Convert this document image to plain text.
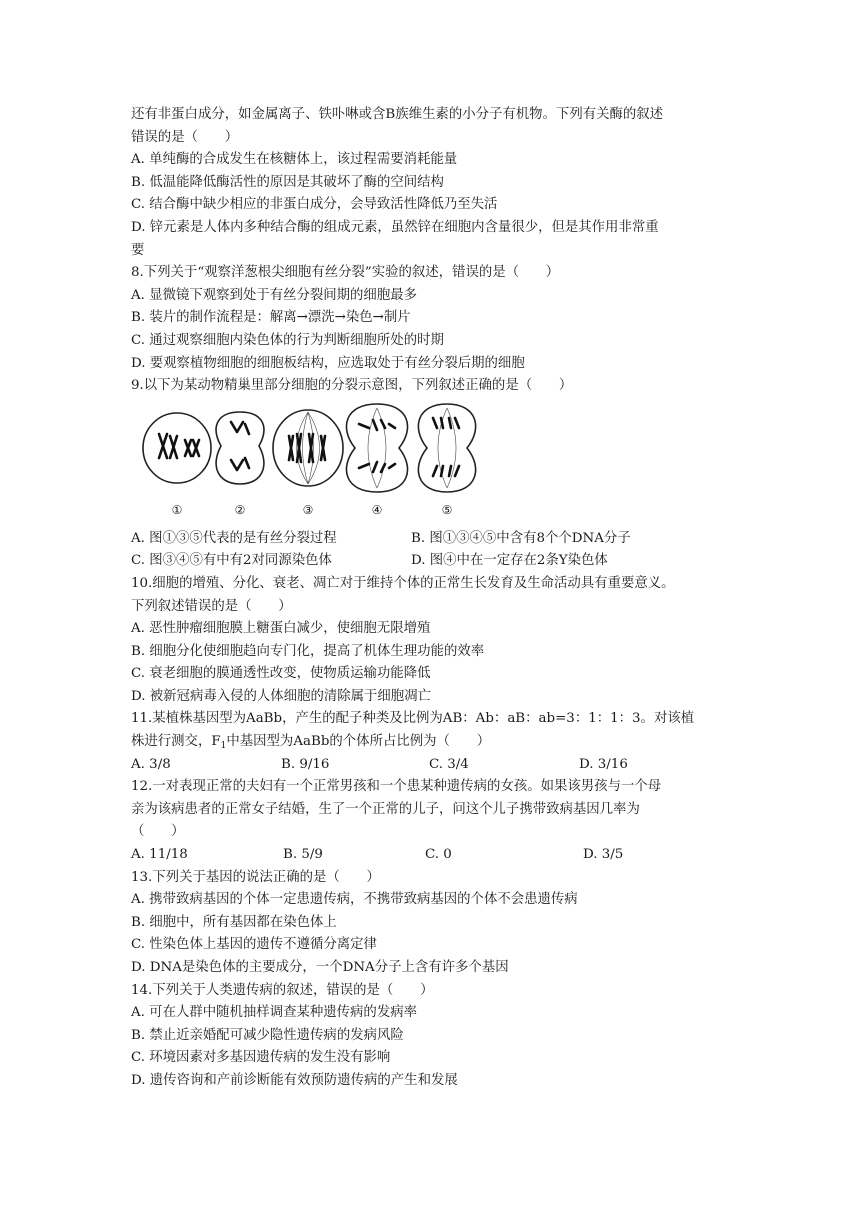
还有非蛋白成分，如金属离子、铁卟啉或含B族维生素的小分子有机物。下列有关酶的叙述
错误的是（　　）
A. 单纯酶的合成发生在核糖体上，该过程需要消耗能量
B. 低温能降低酶活性的原因是其破坏了酶的空间结构
C. 结合酶中缺少相应的非蛋白成分，会导致活性降低乃至失活
D. 锌元素是人体内多种结合酶的组成元素，虽然锌在细胞内含量很少，但是其作用非常重
要
8.下列关于“观察洋葱根尖细胞有丝分裂”实验的叙述，错误的是（　　）
A. 显微镜下观察到处于有丝分裂间期的细胞最多
B. 装片的制作流程是：解离→漂洗→染色→制片
C. 通过观察细胞内染色体的行为判断细胞所处的时期
D. 要观察植物细胞的细胞板结构，应选取处于有丝分裂后期的细胞
9.以下为某动物精巢里部分细胞的分裂示意图，下列叙述正确的是（　　）
①	②	③	④	⑤
A. 图①③⑤代表的是有丝分裂过程	B. 图①③④⑤中含有8个个DNA分子
C. 图③④⑤有中有2对同源染色体	D. 图④中在一定存在2条Y染色体
10.细胞的增殖、分化、衰老、凋亡对于维持个体的正常生长发育及生命活动具有重要意义。
下列叙述错误的是（　　）
A. 恶性肿瘤细胞膜上糖蛋白减少，使细胞无限增殖
B. 细胞分化使细胞趋向专门化，提高了机体生理功能的效率
C. 衰老细胞的膜通透性改变，使物质运输功能降低
D. 被新冠病毒入侵的人体细胞的清除属于细胞凋亡
11.某植株基因型为AaBb，产生的配子种类及比例为AB：Ab：aB：ab=3：1：1：3。对该植
株进行测交，$F_1$中基因型为AaBb的个体所占比例为（　　）
A. 3/8	B. 9/16	C. 3/4	D. 3/16
12.一对表现正常的夫妇有一个正常男孩和一个患某种遗传病的女孩。如果该男孩与一个母
亲为该病患者的正常女子结婚，生了一个正常的儿子，问这个儿子携带致病基因几率为
（　　）
A. 11/18	B. 5/9	C. 0	D. 3/5
13.下列关于基因的说法正确的是（　　）
A. 携带致病基因的个体一定患遗传病，不携带致病基因的个体不会患遗传病
B. 细胞中，所有基因都在染色体上
C. 性染色体上基因的遗传不遵循分离定律
D. DNA是染色体的主要成分，一个DNA分子上含有许多个基因
14.下列关于人类遗传病的叙述，错误的是（　　）
A. 可在人群中随机抽样调查某种遗传病的发病率
B. 禁止近亲婚配可减少隐性遗传病的发病风险
C. 环境因素对多基因遗传病的发生没有影响
D. 遗传咨询和产前诊断能有效预防遗传病的产生和发展
